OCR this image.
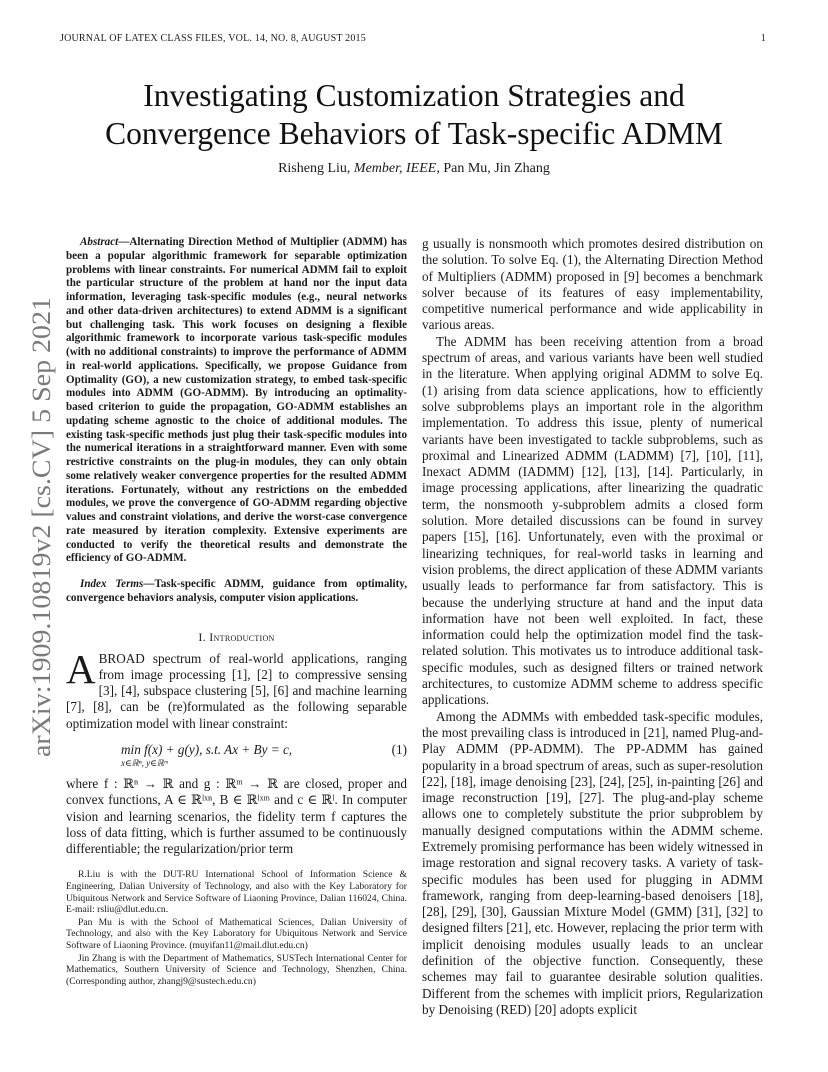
JOURNAL OF LATEX CLASS FILES, VOL. 14, NO. 8, AUGUST 2015	1
Investigating Customization Strategies and
Convergence Behaviors of Task-specific ADMM
Risheng Liu, Member, IEEE, Pan Mu, Jin Zhang
arXiv:1909.10819v2 [cs.CV] 5 Sep 2021

Abstract—Alternating Direction Method of Multiplier (ADMM) has been a popular algorithmic framework for separable optimization problems with linear constraints. For numerical ADMM fail to exploit the particular structure of the problem at hand nor the input data information, leveraging task-specific modules (e.g., neural networks and other data-driven architectures) to extend ADMM is a significant but challenging task. This work focuses on designing a flexible algorithmic framework to incorporate various task-specific modules (with no additional constraints) to improve the performance of ADMM in real-world applications. Specifically, we propose Guidance from Optimality (GO), a new customization strategy, to embed task-specific modules into ADMM (GO-ADMM). By introducing an optimality-based criterion to guide the propagation, GO-ADMM establishes an updating scheme agnostic to the choice of additional modules. The existing task-specific methods just plug their task-specific modules into the numerical iterations in a straightforward manner. Even with some restrictive constraints on the plug-in modules, they can only obtain some relatively weaker convergence properties for the resulted ADMM iterations. Fortunately, without any restrictions on the embedded modules, we prove the convergence of GO-ADMM regarding objective values and constraint violations, and derive the worst-case convergence rate measured by iteration complexity. Extensive experiments are conducted to verify the theoretical results and demonstrate the efficiency of GO-ADMM.

Index Terms—Task-specific ADMM, guidance from optimality, convergence behaviors analysis, computer vision applications.

I. Introduction

ABROAD spectrum of real-world applications, ranging from image processing [1], [2] to compressive sensing [3], [4], subspace clustering [5], [6] and machine learning [7], [8], can be (re)formulated as the following separable optimization model with linear constraint:

min f(x) + g(y), s.t. Ax + By = c,
x∈ℝⁿ, y∈ℝᵐ
(1)

where f : ℝⁿ → ℝ and g : ℝᵐ → ℝ are closed, proper and convex functions, A ∈ ℝˡˣⁿ, B ∈ ℝˡˣᵐ and c ∈ ℝˡ. In computer vision and learning scenarios, the fidelity term f captures the loss of data fitting, which is further assumed to be continuously differentiable; the regularization/prior term

R.Liu is with the DUT-RU International School of Information Science & Engineering, Dalian University of Technology, and also with the Key Laboratory for Ubiquitous Network and Service Software of Liaoning Province, Dalian 116024, China. E-mail: rsliu@dlut.edu.cn.

Pan Mu is with the School of Mathematical Sciences, Dalian University of Technology, and also with the Key Laboratory for Ubiquitous Network and Service Software of Liaoning Province. (muyifan11@mail.dlut.edu.cn)

Jin Zhang is with the Department of Mathematics, SUSTech International Center for Mathematics, Southern University of Science and Technology, Shenzhen, China. (Corresponding author, zhangj9@sustech.edu.cn)

g usually is nonsmooth which promotes desired distribution on the solution. To solve Eq. (1), the Alternating Direction Method of Multipliers (ADMM) proposed in [9] becomes a benchmark solver because of its features of easy implementability, competitive numerical performance and wide applicability in various areas.

The ADMM has been receiving attention from a broad spectrum of areas, and various variants have been well studied in the literature. When applying original ADMM to solve Eq. (1) arising from data science applications, how to efficiently solve subproblems plays an important role in the algorithm implementation. To address this issue, plenty of numerical variants have been investigated to tackle subproblems, such as proximal and Linearized ADMM (LADMM) [7], [10], [11], Inexact ADMM (IADMM) [12], [13], [14]. Particularly, in image processing applications, after linearizing the quadratic term, the nonsmooth y-subproblem admits a closed form solution. More detailed discussions can be found in survey papers [15], [16]. Unfortunately, even with the proximal or linearizing techniques, for real-world tasks in learning and vision problems, the direct application of these ADMM variants usually leads to performance far from satisfactory. This is because the underlying structure at hand and the input data information have not been well exploited. In fact, these information could help the optimization model find the task-related solution. This motivates us to introduce additional task-specific modules, such as designed filters or trained network architectures, to customize ADMM scheme to address specific applications.

Among the ADMMs with embedded task-specific modules, the most prevailing class is introduced in [21], named Plug-and-Play ADMM (PP-ADMM). The PP-ADMM has gained popularity in a broad spectrum of areas, such as super-resolution [22], [18], image denoising [23], [24], [25], in-painting [26] and image reconstruction [19], [27]. The plug-and-play scheme allows one to completely substitute the prior subproblem by manually designed computations within the ADMM scheme. Extremely promising performance has been widely witnessed in image restoration and signal recovery tasks. A variety of task-specific modules has been used for plugging in ADMM framework, ranging from deep-learning-based denoisers [18], [28], [29], [30], Gaussian Mixture Model (GMM) [31], [32] to designed filters [21], etc. However, replacing the prior term with implicit denoising modules usually leads to an unclear definition of the objective function. Consequently, these schemes may fail to guarantee desirable solution qualities. Different from the schemes with implicit priors, Regularization by Denoising (RED) [20] adopts explicit
